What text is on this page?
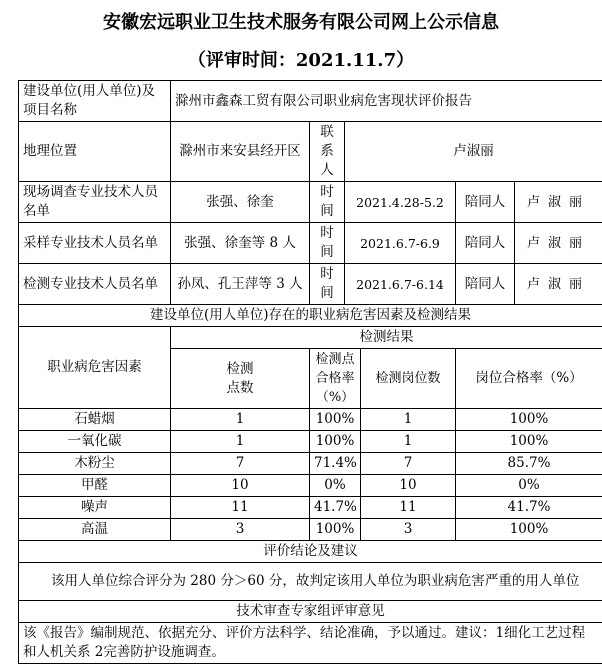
安徽宏远职业卫生技术服务有限公司网上公示信息
（评审时间：2021.11.7）
建设单位(用人单位)及项目名称	滁州市鑫森工贸有限公司职业病危害现状评价报告					
地理位置	滁州市来安县经开区	联系人	卢淑丽			
现场调查专业技术人员名单	张强、徐奎	时间	2021.4.28-5.2		陪同人	卢淑丽
采样专业技术人员名单	张强、徐奎等 8 人	时间	2021.6.7-6.9		陪同人	卢淑丽
检测专业技术人员名单	孙凤、孔王萍等 3 人	时间	2021.6.7-6.14		陪同人	卢淑丽
建设单位(用人单位)存在的职业病危害因素及检测结果						
职业病危害因素	检测结果					
	检测点数	检测点合格率（%）		检测岗位数	岗位合格率（%）	
石蜡烟	1	100%		1	100%	
一氧化碳	1	100%		1	100%	
木粉尘	7	71.4%		7	85.7%	
甲醛	10	0%		10	0%	
噪声	11	41.7%		11	41.7%	
高温	3	100%		3	100%	
评价结论及建议						
该用人单位综合评分为 280 分＞60 分，故判定该用人单位为职业病危害严重的用人单位						
技术审查专家组评审意见						
该《报告》编制规范、依据充分、评价方法科学、结论准确，予以通过。建议：1细化工艺过程和人机关系 2完善防护设施调查。						
